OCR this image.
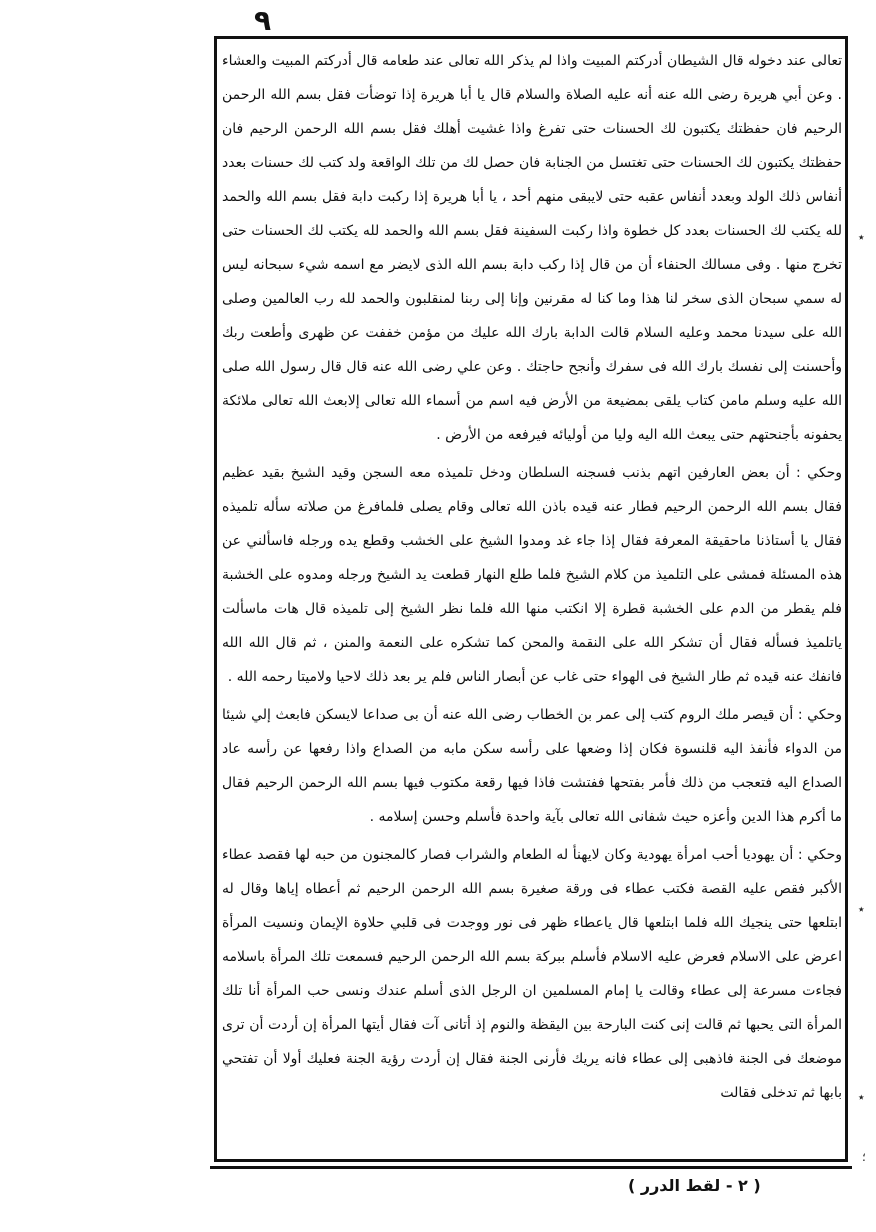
٩

تعالى عند دخوله قال الشيطان أدركتم المبيت واذا لم يذكر الله تعالى عند طعامه قال أدركتم المبيت والعشاء . وعن أبي هريرة رضى الله عنه أنه عليه الصلاة والسلام قال يا أبا هريرة إذا توضأت فقل بسم الله الرحمن الرحيم فان حفظتك يكتبون لك الحسنات حتى تفرغ واذا غشيت أهلك فقل بسم الله الرحمن الرحيم فان حفظتك يكتبون لك الحسنات حتى تغتسل من الجنابة فان حصل لك من تلك الواقعة ولد كتب لك حسنات بعدد أنفاس ذلك الولد وبعدد أنفاس عقبه حتى لايبقى منهم أحد ، يا أبا هريرة إذا ركبت دابة فقل بسم الله والحمد لله يكتب لك الحسنات بعدد كل خطوة واذا ركبت السفينة فقل بسم الله والحمد لله يكتب لك الحسنات حتى تخرج منها . وفى مسالك الحنفاء أن من قال إذا ركب دابة بسم الله الذى لايضر مع اسمه شيء سبحانه ليس له سمي سبحان الذى سخر لنا هذا وما كنا له مقرنين وإنا إلى ربنا لمنقلبون والحمد لله رب العالمين وصلى الله على سيدنا محمد وعليه السلام قالت الدابة بارك الله عليك من مؤمن خففت عن ظهرى وأطعت ربك وأحسنت إلى نفسك بارك الله فى سفرك وأنجح حاجتك . وعن علي رضى الله عنه قال قال رسول الله صلى الله عليه وسلم مامن كتاب يلقى بمضيعة من الأرض فيه اسم من أسماء الله تعالى إلابعث الله تعالى ملائكة يحفونه بأجنحتهم حتى يبعث الله اليه وليا من أوليائه فيرفعه من الأرض .

وحكي : أن بعض العارفين اتهم بذنب فسجنه السلطان ودخل تلميذه معه السجن وقيد الشيخ بقيد عظيم فقال بسم الله الرحمن الرحيم فطار عنه قيده باذن الله تعالى وقام يصلى فلمافرغ من صلاته سأله تلميذه فقال يا أستاذنا ماحقيقة المعرفة فقال إذا جاء غد ومدوا الشيخ على الخشب وقطع يده ورجله فاسألني عن هذه المسئلة فمشى على التلميذ من كلام الشيخ فلما طلع النهار قطعت يد الشيخ ورجله ومدوه على الخشبة فلم يقطر من الدم على الخشبة قطرة إلا انكتب منها الله فلما نظر الشيخ إلى تلميذه قال هات ماسألت ياتلميذ فسأله فقال أن تشكر الله على النقمة والمحن كما تشكره على النعمة والمنن ، ثم قال الله الله فانفك عنه قيده ثم طار الشيخ فى الهواء حتى غاب عن أبصار الناس فلم ير بعد ذلك لاحيا ولاميتا رحمه الله .

وحكي : أن قيصر ملك الروم كتب إلى عمر بن الخطاب رضى الله عنه أن بى صداعا لايسكن فابعث إلي شيئا من الدواء فأنفذ اليه قلنسوة فكان إذا وضعها على رأسه سكن مابه من الصداع واذا رفعها عن رأسه عاد الصداع اليه فتعجب من ذلك فأمر بفتحها ففتشت فاذا فيها رقعة مكتوب فيها بسم الله الرحمن الرحيم فقال ما أكرم هذا الدين وأعزه حيث شفانى الله تعالى بآية واحدة فأسلم وحسن إسلامه .

وحكي : أن يهوديا أحب امرأة يهودية وكان لايهنأ له الطعام والشراب فصار كالمجنون من حبه لها فقصد عطاء الأكبر فقص عليه القصة فكتب عطاء فى ورقة صغيرة بسم الله الرحمن الرحيم ثم أعطاه إياها وقال له ابتلعها حتى ينجيك الله فلما ابتلعها قال ياعطاء ظهر فى نور ووجدت فى قلبي حلاوة الإيمان ونسيت المرأة اعرض على الاسلام فعرض عليه الاسلام فأسلم ببركة بسم الله الرحمن الرحيم فسمعت تلك المرأة باسلامه فجاءت مسرعة إلى عطاء وقالت يا إمام المسلمين ان الرجل الذى أسلم عندك ونسى حب المرأة أنا تلك المرأة التى يحبها ثم قالت إنى كنت البارحة بين اليقظة والنوم إذ أتانى آت فقال أيتها المرأة إن أردت أن ترى موضعك فى الجنة فاذهبى إلى عطاء فانه يريك فأرنى الجنة فقال إن أردت رؤية الجنة فعليك أولا أن تفتحي بابها ثم تدخلى فقالت

٭
٭
٭
؛
( ٢ - لقط الدرر )
